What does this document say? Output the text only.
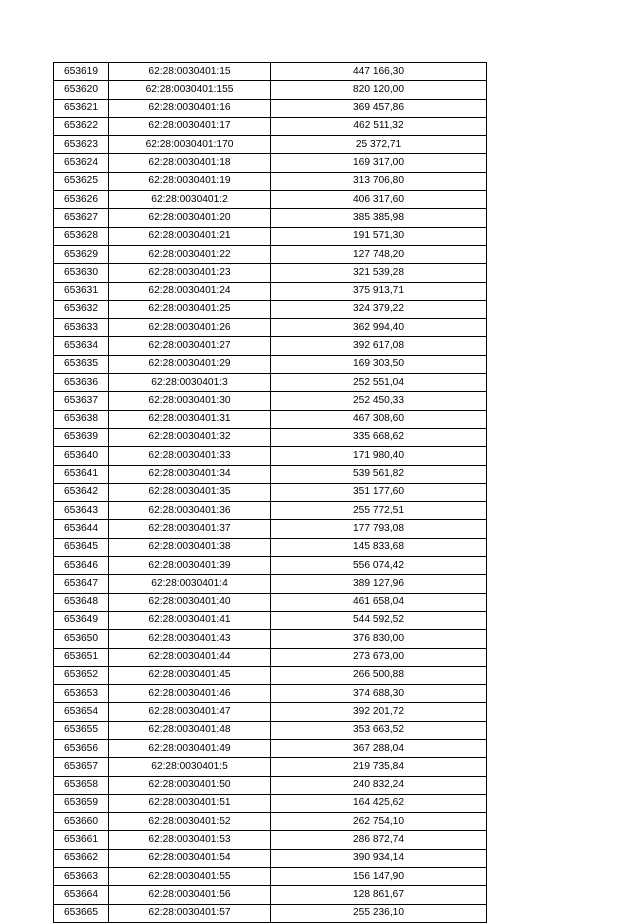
653619	62:28:0030401:15	447 166,30
653620	62:28:0030401:155	820 120,00
653621	62:28:0030401:16	369 457,86
653622	62:28:0030401:17	462 511,32
653623	62:28:0030401:170	25 372,71
653624	62:28:0030401:18	169 317,00
653625	62:28:0030401:19	313 706,80
653626	62:28:0030401:2	406 317,60
653627	62:28:0030401:20	385 385,98
653628	62:28:0030401:21	191 571,30
653629	62:28:0030401:22	127 748,20
653630	62:28:0030401:23	321 539,28
653631	62:28:0030401:24	375 913,71
653632	62:28:0030401:25	324 379,22
653633	62:28:0030401:26	362 994,40
653634	62:28:0030401:27	392 617,08
653635	62:28:0030401:29	169 303,50
653636	62:28:0030401:3	252 551,04
653637	62:28:0030401:30	252 450,33
653638	62:28:0030401:31	467 308,60
653639	62:28:0030401:32	335 668,62
653640	62:28:0030401:33	171 980,40
653641	62:28:0030401:34	539 561,82
653642	62:28:0030401:35	351 177,60
653643	62:28:0030401:36	255 772,51
653644	62:28:0030401:37	177 793,08
653645	62:28:0030401:38	145 833,68
653646	62:28:0030401:39	556 074,42
653647	62:28:0030401:4	389 127,96
653648	62:28:0030401:40	461 658,04
653649	62:28:0030401:41	544 592,52
653650	62:28:0030401:43	376 830,00
653651	62:28:0030401:44	273 673,00
653652	62:28:0030401:45	266 500,88
653653	62:28:0030401:46	374 688,30
653654	62:28:0030401:47	392 201,72
653655	62:28:0030401:48	353 663,52
653656	62:28:0030401:49	367 288,04
653657	62:28:0030401:5	219 735,84
653658	62:28:0030401:50	240 832,24
653659	62:28:0030401:51	164 425,62
653660	62:28:0030401:52	262 754,10
653661	62:28:0030401:53	286 872,74
653662	62:28:0030401:54	390 934,14
653663	62:28:0030401:55	156 147,90
653664	62:28:0030401:56	128 861,67
653665	62:28:0030401:57	255 236,10
